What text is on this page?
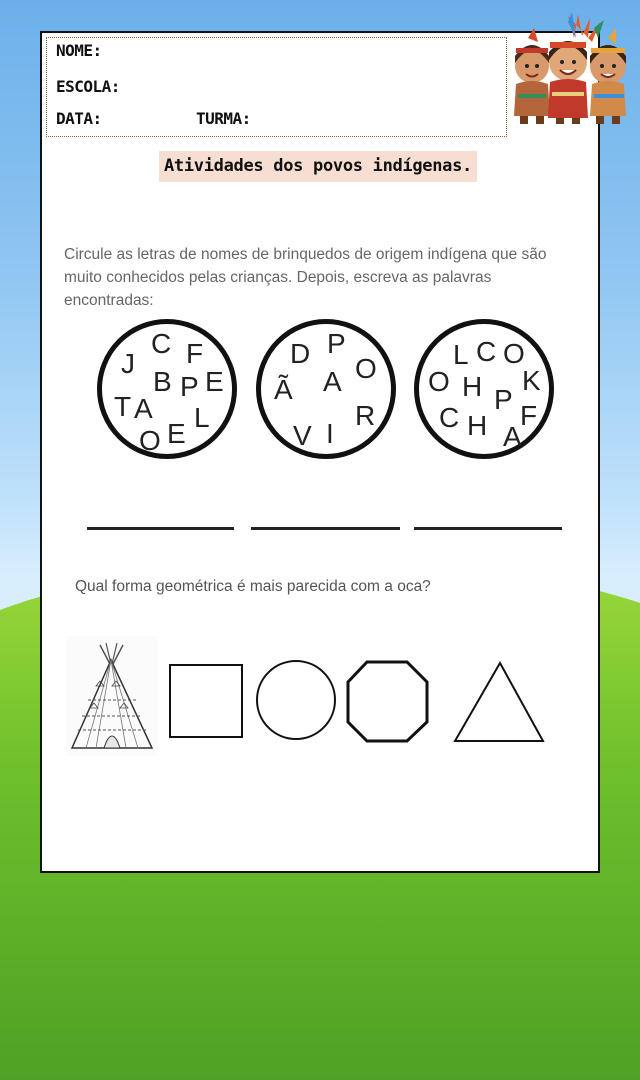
NOME:
ESCOLA:
DATA:	TURMA:
Atividades dos povos indígenas.
Circule as letras de nomes de brinquedos de origem indígena que são muito conhecidos pelas crianças. Depois, escreva as palavras encontradas:
C F
J
B P E
T A L
O E
D P
Ã A O
R
V I
L C O
O H P
K
C H A
F
Qual forma geométrica é mais parecida com a oca?
